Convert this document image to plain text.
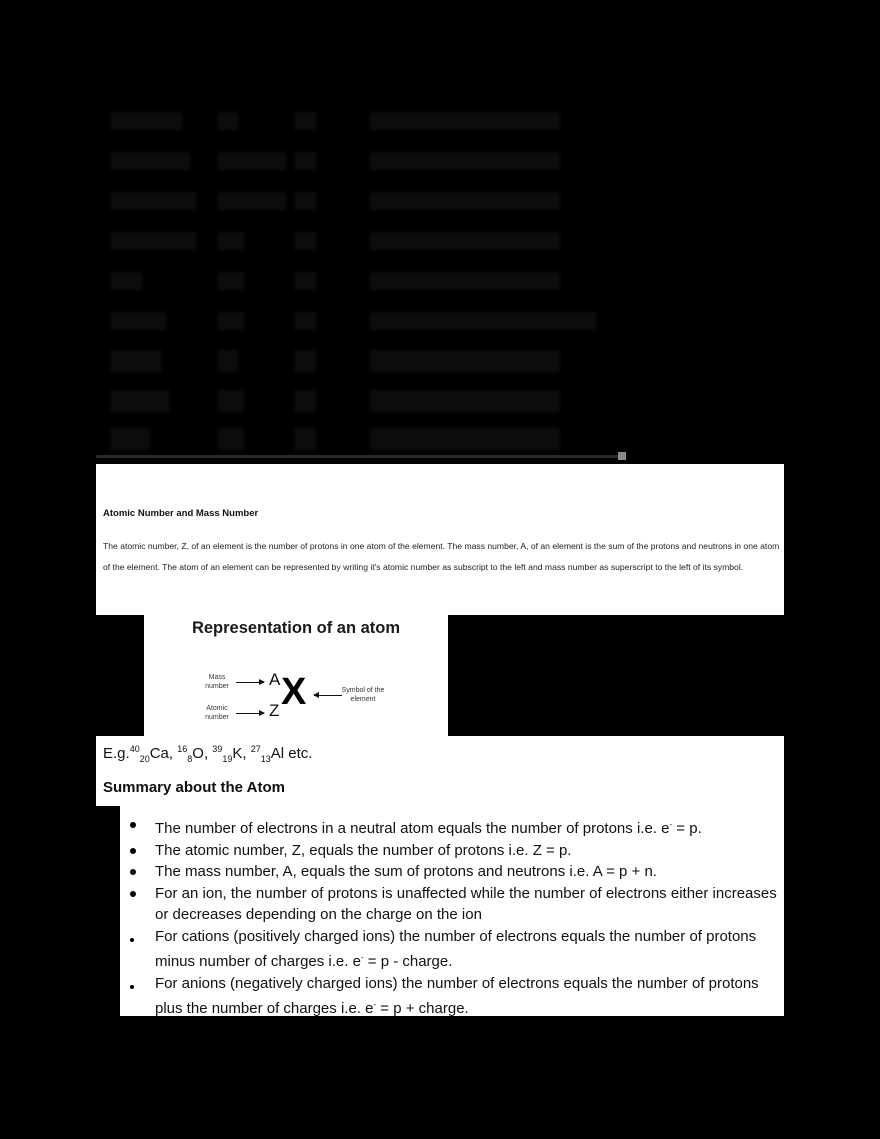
Atomic Number and Mass Number
The atomic number, Z, of an element is the number of protons in one atom of the element. The mass number, A, of an element is the sum of the protons and neutrons in one atom of the element. The atom of an element can be represented by writing it's atomic number as subscript to the left and mass number as superscript to the left of its symbol.
Representation of an atom
Mass number	A
Atomic number	Z X	Symbol of the element
E.g.$^{40}_{20}$Ca, $^{16}_8$O, $^{39}_{19}$K, $^{27}_{13}$Al etc.
Summary about the Atom
The number of electrons in a neutral atom equals the number of protons i.e. e- = p.
The atomic number, Z, equals the number of protons i.e. Z = p.
The mass number, A, equals the sum of protons and neutrons i.e. A = p + n.
For an ion, the number of protons is unaffected while the number of electrons either increases or decreases depending on the charge on the ion
For cations (positively charged ions) the number of electrons equals the number of protons minus number of charges i.e. e- = p - charge.
For anions (negatively charged ions) the number of electrons equals the number of protons plus the number of charges i.e. e- = p + charge.
